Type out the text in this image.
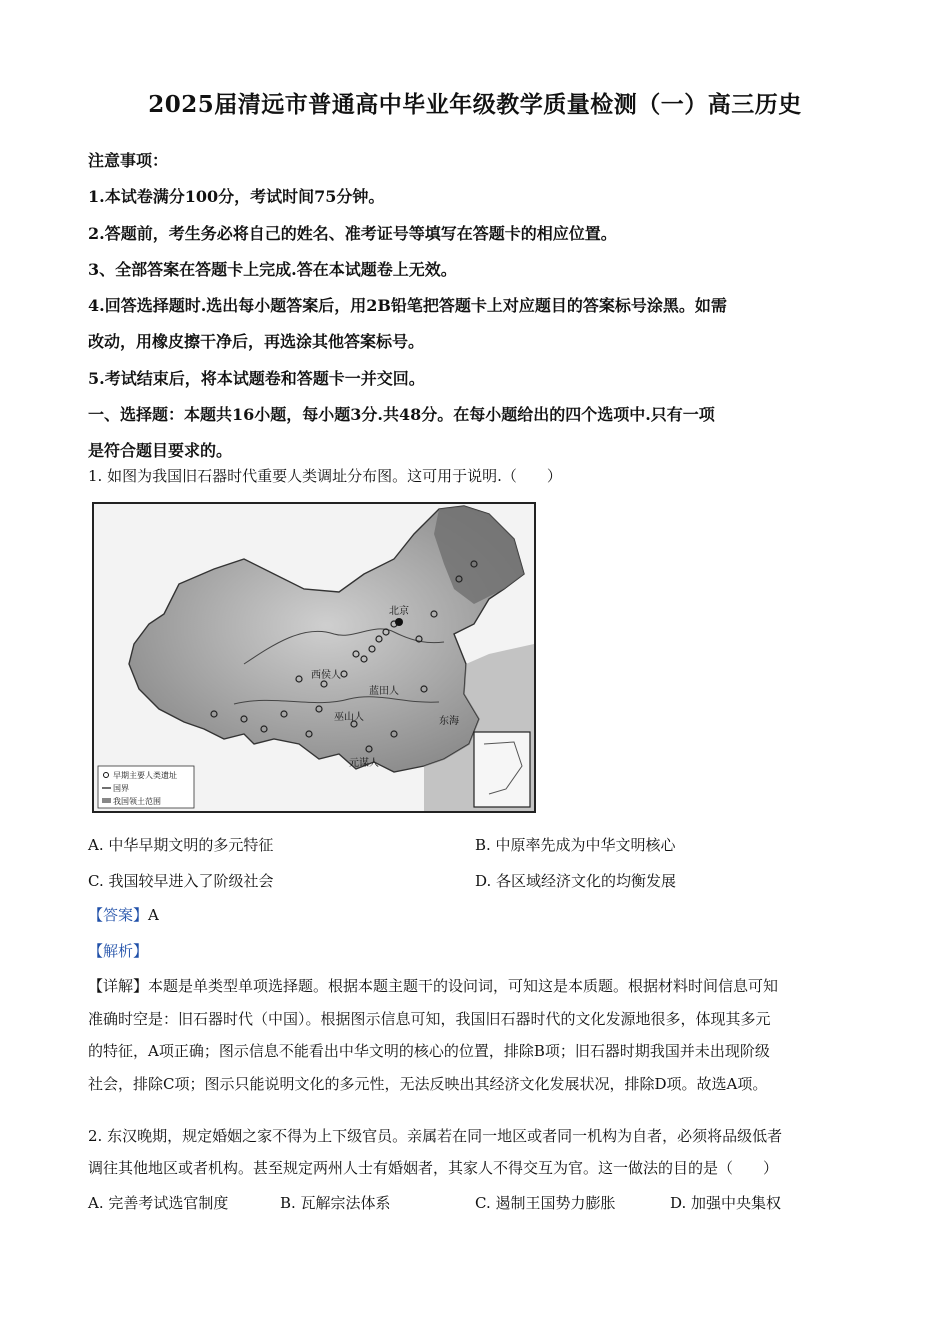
2025届清远市普通高中毕业年级教学质量检测（一）高三历史

注意事项：

1.本试卷满分100分，考试时间75分钟。

2.答题前，考生务必将自己的姓名、准考证号等填写在答题卡的相应位置。

3、全部答案在答题卡上完成.答在本试题卷上无效。

4.回答选择题时.选出每小题答案后，用2B铅笔把答题卡上对应题目的答案标号涂黑。如需

改动，用橡皮擦干净后，再选涂其他答案标号。

5.考试结束后，将本试题卷和答题卡一并交回。

一、选择题：本题共16小题，每小题3分.共48分。在每小题给出的四个选项中.只有一项

是符合题目要求的。

1. 如图为我国旧石器时代重要人类调址分布图。这可用于说明.（　　）
北京
西侯人
蓝田人
巫山人
元谋人
东海
早期主要人类遗址
国界
我国领土范围
A. 中华早期文明的多元特征	B. 中原率先成为中华文明核心
C. 我国较早进入了阶级社会	D. 各区域经济文化的均衡发展
【答案】A
【解析】

【详解】本题是单类型单项选择题。根据本题主题干的设问词，可知这是本质题。根据材料时间信息可知

准确时空是：旧石器时代（中国）。根据图示信息可知，我国旧石器时代的文化发源地很多，体现其多元

的特征，A项正确；图示信息不能看出中华文明的核心的位置，排除B项；旧石器时期我国并未出现阶级

社会，排除C项；图示只能说明文化的多元性，无法反映出其经济文化发展状况，排除D项。故选A项。

2. 东汉晚期，规定婚姻之家不得为上下级官员。亲属若在同一地区或者同一机构为自者，必须将品级低者

调往其他地区或者机构。甚至规定两州人士有婚姻者，其家人不得交互为官。这一做法的目的是（　　）

A. 完善考试选官制度	B. 瓦解宗法体系	C. 遏制王国势力膨胀	D. 加强中央集权
